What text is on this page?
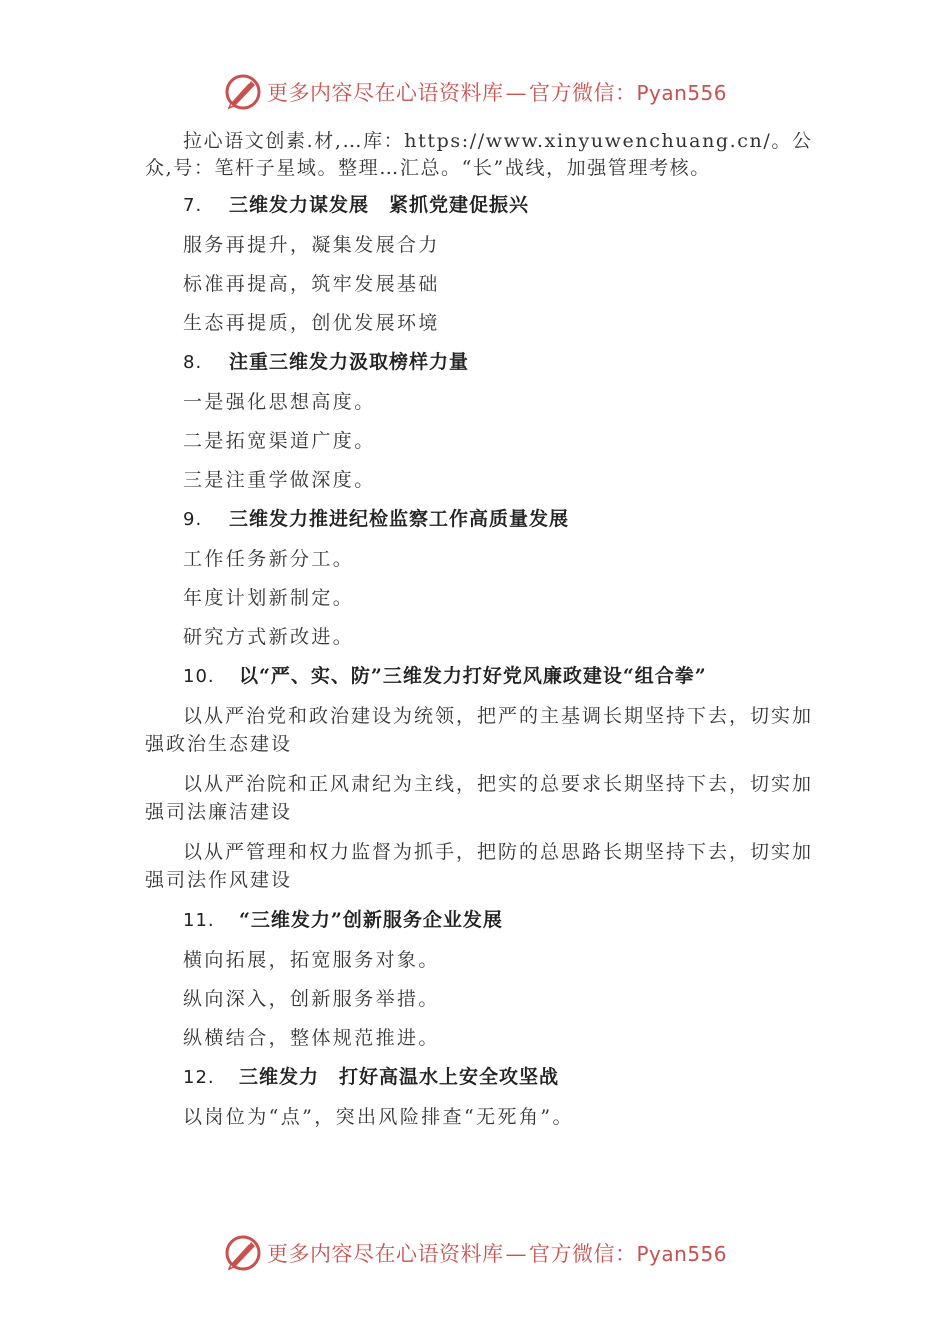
更多内容尽在心语资料库—官方微信：Pyan556

拉心语文创素.材,…库：https://www.xinyuwenchuang.cn/。公众,号：笔杆子星域。整理…汇总。“长”战线，加强管理考核。

7. 三维发力谋发展　紧抓党建促振兴
服务再提升，凝集发展合力
标准再提高，筑牢发展基础
生态再提质，创优发展环境
8. 注重三维发力汲取榜样力量
一是强化思想高度。
二是拓宽渠道广度。
三是注重学做深度。
9. 三维发力推进纪检监察工作高质量发展
工作任务新分工。
年度计划新制定。
研究方式新改进。
10. 以“严、实、防”三维发力打好党风廉政建设“组合拳”

以从严治党和政治建设为统领，把严的主基调长期坚持下去，切实加强政治生态建设

以从严治院和正风肃纪为主线，把实的总要求长期坚持下去，切实加强司法廉洁建设

以从严管理和权力监督为抓手，把防的总思路长期坚持下去，切实加强司法作风建设

11. “三维发力”创新服务企业发展
横向拓展，拓宽服务对象。
纵向深入，创新服务举措。
纵横结合，整体规范推进。
12. 三维发力　打好高温水上安全攻坚战
以岗位为“点”，突出风险排查“无死角”。
更多内容尽在心语资料库—官方微信：Pyan556
